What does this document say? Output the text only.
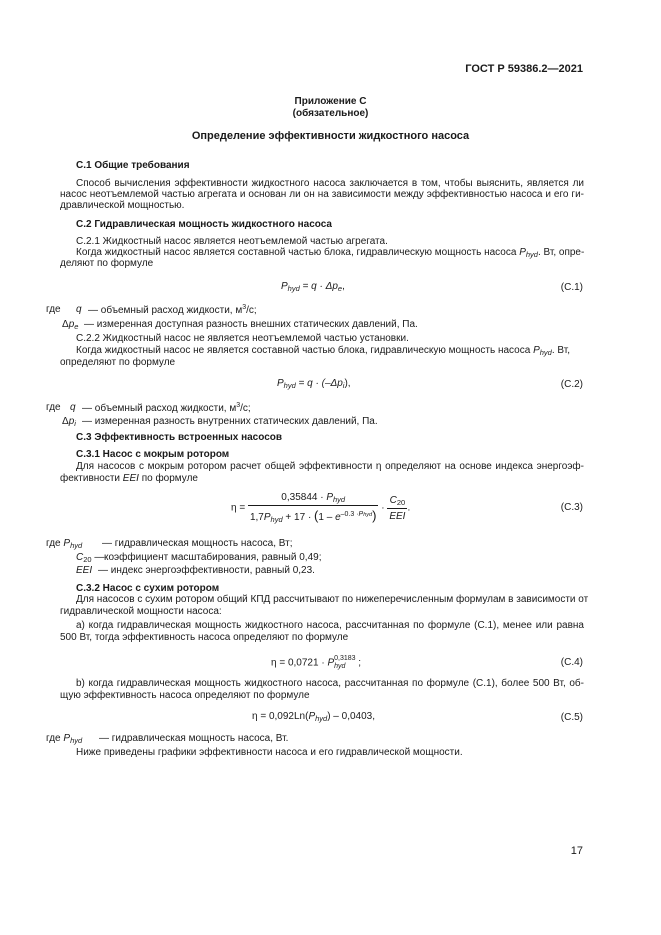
ГОСТ Р 59386.2—2021
Приложение С
(обязательное)
Определение эффективности жидкостного насоса
С.1 Общие требования
Способ вычисления эффективности жидкостного насоса заключается в том, чтобы выяснить, является ли
насос неотъемлемой частью агрегата и основан ли он на зависимости между эффективностью насоса и его ги-
дравлической мощностью.
С.2 Гидравлическая мощность жидкостного насоса
С.2.1 Жидкостный насос является неотъемлемой частью агрегата.
Когда жидкостный насос является составной частью блока, гидравлическую мощность насоса $P_{hyd}$. Вт, опре-
деляют по формуле
$P_{hyd} = q \cdot \Delta p_e$,	(С.1)
где q — объемный расход жидкости, $м^3/с$;
$\Delta p_e$ — измеренная доступная разность внешних статических давлений, Па.
С.2.2 Жидкостный насос не является неотъемлемой частью установки.
Когда жидкостный насос не является составной частью блока, гидравлическую мощность насоса $P_{hyd}$. Вт,
определяют по формуле
$P_{hyd} = q \cdot (-\Delta p_i)$,	(С.2)
где q — объемный расход жидкости, $м^3/с$;
$\Delta p_i$ — измеренная разность внутренних статических давлений, Па.
С.3 Эффективность встроенных насосов
С.3.1 Насос с мокрым ротором
Для насосов с мокрым ротором расчет общей эффективности η определяют на основе индекса энергоэф-
фективности EEI по формуле
$\eta = \frac{0,35844 \cdot P_{hyd}}{1,7P_{hyd} + 17 \cdot (1 - e^{-0.3 \cdot Phyd})} \cdot \frac{C_{20}}{\text{EEI}}$ .	(С.3)
где $P_{hyd}$ — гидравлическая мощность насоса, Вт;
$C_{20}$ — коэффициент масштабирования, равный 0,49;
EEI — индекс энергоэффективности, равный 0,23.
С.3.2 Насос с сухим ротором
Для насосов с сухим ротором общий КПД рассчитывают по нижеперечисленным формулам в зависимости от
гидравлической мощности насоса:
а) когда гидравлическая мощность жидкостного насоса, рассчитанная по формуле (С.1), менее или равна
500 Вт, тогда эффективность насоса определяют по формуле
η = 0,0721 · P 0,3183
hyd	;	(С.4)
b) когда гидравлическая мощность жидкостного насоса, рассчитанная по формуле (С.1), более 500 Вт, об-
щую эффективность насоса определяют по формуле
$\eta = 0,092Ln(P_{hyd}) - 0,0403$,	(С.5)
где $P_{hyd}$ — гидравлическая мощность насоса, Вт.
Ниже приведены графики эффективности насоса и его гидравлической мощности.
17
